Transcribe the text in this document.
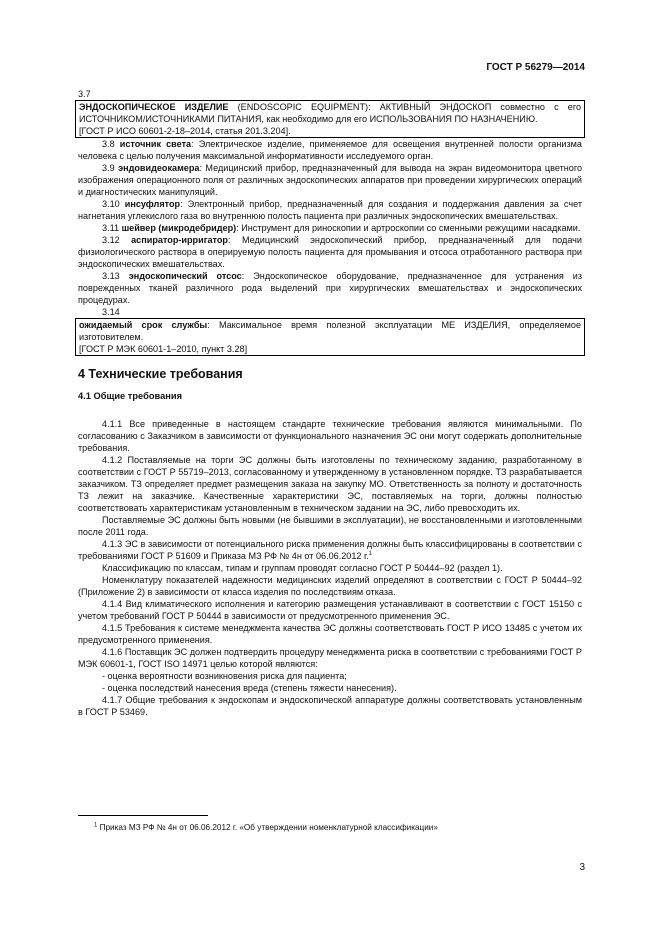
ГОСТ Р 56279—2014

3.7

ЭНДОСКОПИЧЕСКОЕ ИЗДЕЛИЕ (ENDOSCOPIC EQUIPMENT): АКТИВНЫЙ ЭНДОСКОП совместно с его ИСТОЧНИКОМ/ИСТОЧНИКАМИ ПИТАНИЯ, как необходимо для его ИСПОЛЬЗОВАНИЯ ПО НАЗНАЧЕНИЮ.

[ГОСТ Р ИСО 60601-2-18–2014, статья 201.3.204].

3.8 источник света: Электрическое изделие, применяемое для освещения внутренней полости организма человека с целью получения максимальной информативности исследуемого орган.

3.9 эндовидеокамера: Медицинский прибор, предназначенный для вывода на экран видеомонитора цветного изображения операционного поля от различных эндоскопических аппаратов при проведении хирургических операций и диагностических манипуляций.

3.10 инсуфлятор: Электронный прибор, предназначенный для создания и поддержания давления за счет нагнетания углекислого газа во внутреннюю полость пациента при различных эндоскопических вмешательствах.

3.11 шейвер (микродебридер): Инструмент для риноскопии и артроскопии со сменными режущими насадками.

3.12 аспиратор-ирригатор: Медицинский эндоскопический прибор, предназначенный для подачи физиологического раствора в оперируемую полость пациента для промывания и отсоса отработанного раствора при эндоскопических вмешательствах.

3.13 эндоскопический отсос: Эндоскопическое оборудование, предназначенное для устранения из поврежденных тканей различного рода выделений при хирургических вмешательствах и эндоскопических процедурах.

3.14

ожидаемый срок службы: Максимальное время полезной эксплуатации МЕ ИЗДЕЛИЯ, определяемое изготовителем.

[ГОСТ Р МЭК 60601-1–2010, пункт 3.28]

4 Технические требования
4.1 Общие требования

4.1.1 Все приведенные в настоящем стандарте технические требования являются минимальными. По согласованию с Заказчиком в зависимости от функционального назначения ЭС они могут содержать дополнительные требования.

4.1.2 Поставляемые на торги ЭС должны быть изготовлены по техническому заданию, разработанному в соответствии с ГОСТ Р 55719–2013, согласованному и утвержденному в установленном порядке. ТЗ разрабатывается заказчиком. ТЗ определяет предмет размещения заказа на закупку МО. Ответственность за полноту и достаточность ТЗ лежит на заказчике. Качественные характеристики ЭС, поставляемых на торги, должны полностью соответствовать характеристикам установленным в техническом задании на ЭС, либо превосходить их.

Поставляемые ЭС должны быть новыми (не бывшими в эксплуатации), не восстановленными и изготовленными после 2011 года.

4.1.3 ЭС в зависимости от потенциального риска применения должны быть классифицированы в соответствии с требованиями ГОСТ Р 51609 и Приказа МЗ РФ № 4н от 06.06.2012 г.$^1$

Классификацию по классам, типам и группам проводят согласно ГОСТ Р 50444–92 (раздел 1).

Номенклатуру показателей надежности медицинских изделий определяют в соответствии с ГОСТ Р 50444–92 (Приложение 2) в зависимости от класса изделия по последствиям отказа.

4.1.4 Вид климатического исполнения и категорию размещения устанавливают в соответствии с ГОСТ 15150 с учетом требований ГОСТ Р 50444 в зависимости от предусмотренного применения ЭС.

4.1.5 Требования к системе менеджмента качества ЭС должны соответствовать ГОСТ Р ИСО 13485 с учетом их предусмотренного применения.

4.1.6 Поставщик ЭС должен подтвердить процедуру менеджмента риска в соответствии с требованиями ГОСТ Р МЭК 60601-1, ГОСТ ISO 14971 целью которой являются:

- оценка вероятности возникновения риска для пациента;

- оценка последствий нанесения вреда (степень тяжести нанесения).

4.1.7 Общие требования к эндоскопам и эндоскопической аппаратуре должны соответствовать установленным в ГОСТ Р 53469.

$^1$ Приказ МЗ РФ № 4н от 06.06.2012 г. «Об утверждении номенклатурной классификации»
3
